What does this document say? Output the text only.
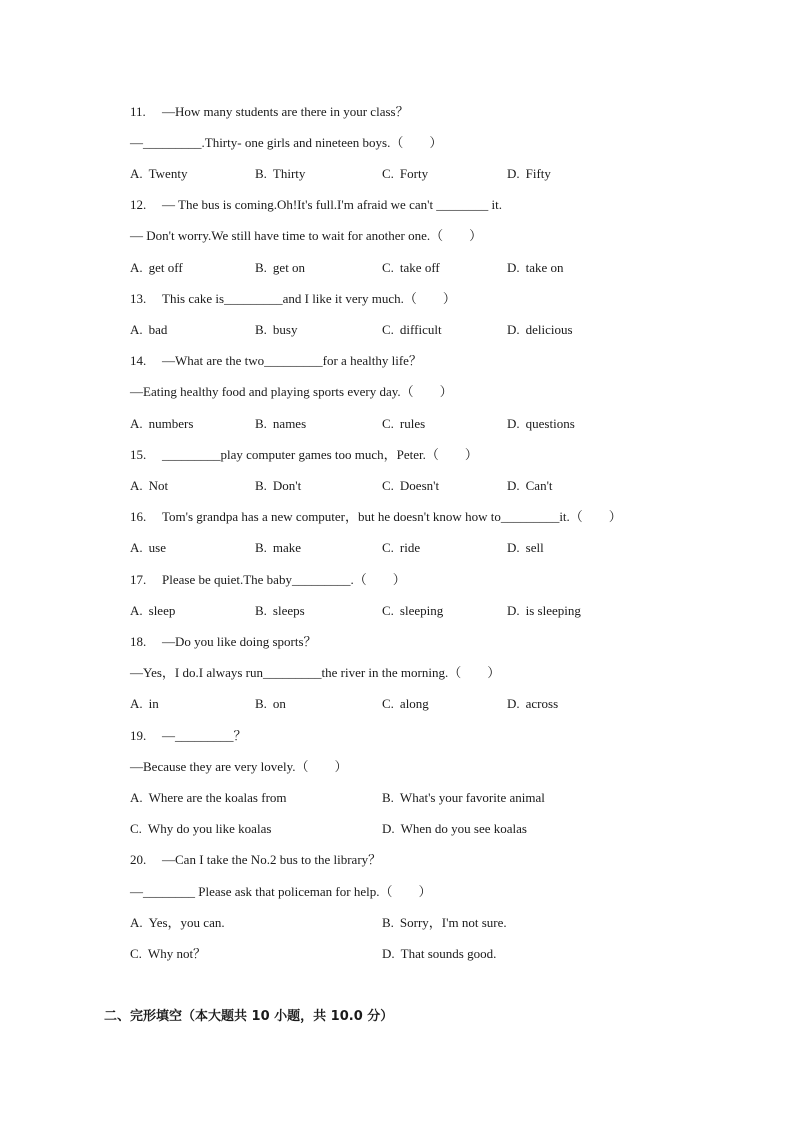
11. —How many students are there in your class？
—_________.Thirty- one girls and nineteen boys.（　　）
A. Twenty	B. Thirty	C. Forty	D. Fifty
12. — The bus is coming.Oh!It's full.I'm afraid we can't ________ it.
— Don't worry.We still have time to wait for another one.（　　）
A. get off	B. get on	C. take off	D. take on
13. This cake is_________and I like it very much.（　　）
A. bad	B. busy	C. difficult	D. delicious
14. —What are the two_________for a healthy life？
—Eating healthy food and playing sports every day.（　　）
A. numbers	B. names	C. rules	D. questions
15. _________play computer games too much，Peter.（　　）
A. Not	B. Don't	C. Doesn't	D. Can't
16. Tom's grandpa has a new computer，but he doesn't know how to_________it.（　　）
A. use	B. make	C. ride	D. sell
17. Please be quiet.The baby_________.（　　）
A. sleep	B. sleeps	C. sleeping	D. is sleeping
18. —Do you like doing sports？
—Yes，I do.I always run_________the river in the morning.（　　）
A. in	B. on	C. along	D. across
19. —_________？
—Because they are very lovely.（　　）
A. Where are the koalas from	B. What's your favorite animal
C. Why do you like koalas	D. When do you see koalas
20. —Can I take the No.2 bus to the library？
—________ Please ask that policeman for help.（　　）
A. Yes，you can.	B. Sorry，I'm not sure.
C. Why not？	D. That sounds good.
二、完形填空（本大题共 10 小题，共 10.0 分）
